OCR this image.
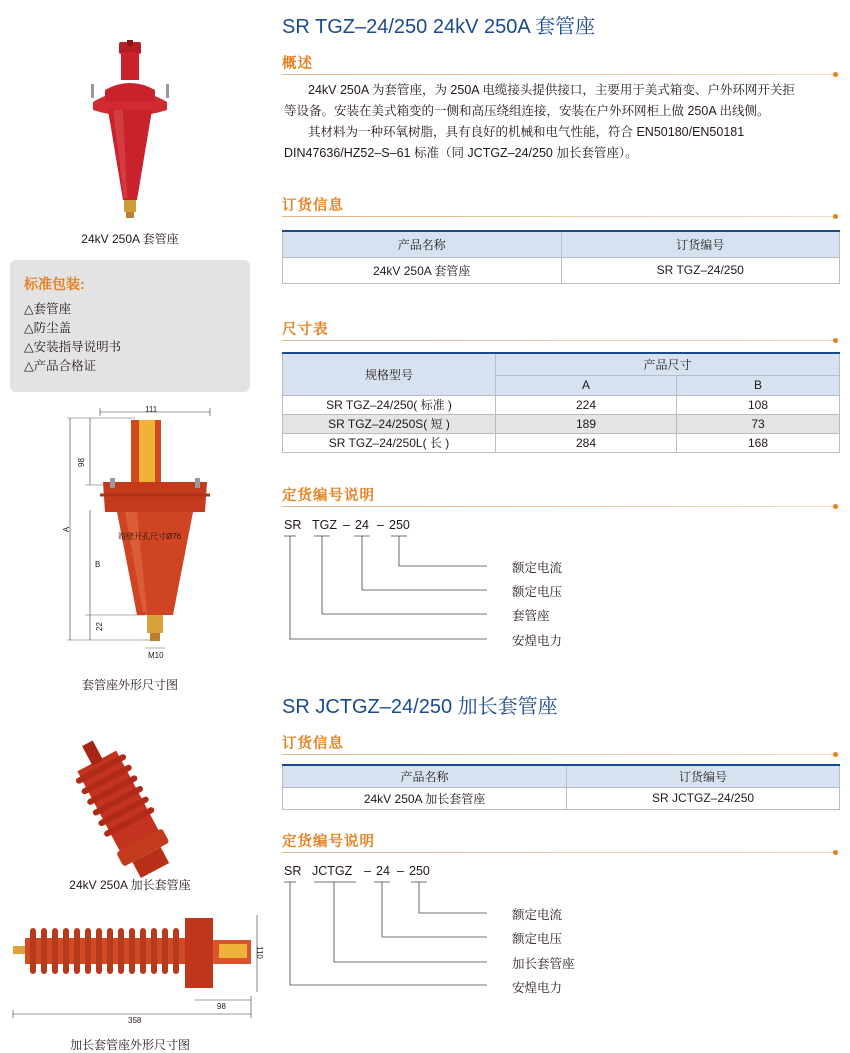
24kV 250A 套管座
标准包装:
△套管座
△防尘盖
△安装指导说明书
△产品合格证
111
98
A
B
22
M10
箱壁开孔尺寸Ø76
套管座外形尺寸图
24kV 250A 加长套管座
110
98
358
加长套管座外形尺寸图
SR TGZ–24/250 24kV 250A 套管座
概述
24kV 250A 为套管座，为 250A 电缆接头提供接口，主要用于美式箱变、户外环网开关拒
等设备。安装在美式箱变的一侧和高压绕组连接，安装在户外环网柜上做 250A 出线侧。
其材料为一种环氧树脂，具有良好的机械和电气性能，符合 EN50180/EN50181
DIN47636/HZ52–S–61 标准（同 JCTGZ–24/250 加长套管座）。
订货信息
产品名称	订货编号
24kV 250A 套管座	SR TGZ–24/250
尺寸表
规格型号	产品尺寸	
	A	B
SR TGZ–24/250( 标准 )	224	108
SR TGZ–24/250S( 短 )	189	73
SR TGZ–24/250L( 长 )	284	168
定货编号说明
SR TGZ – 24 – 250
额定电流
额定电压
套管座
安煌电力
SR JCTGZ–24/250 加长套管座
订货信息
产品名称	订货编号
24kV 250A 加长套管座	SR JCTGZ–24/250
定货编号说明
SR JCTGZ – 24 – 250
额定电流
额定电压
加长套管座
安煌电力
